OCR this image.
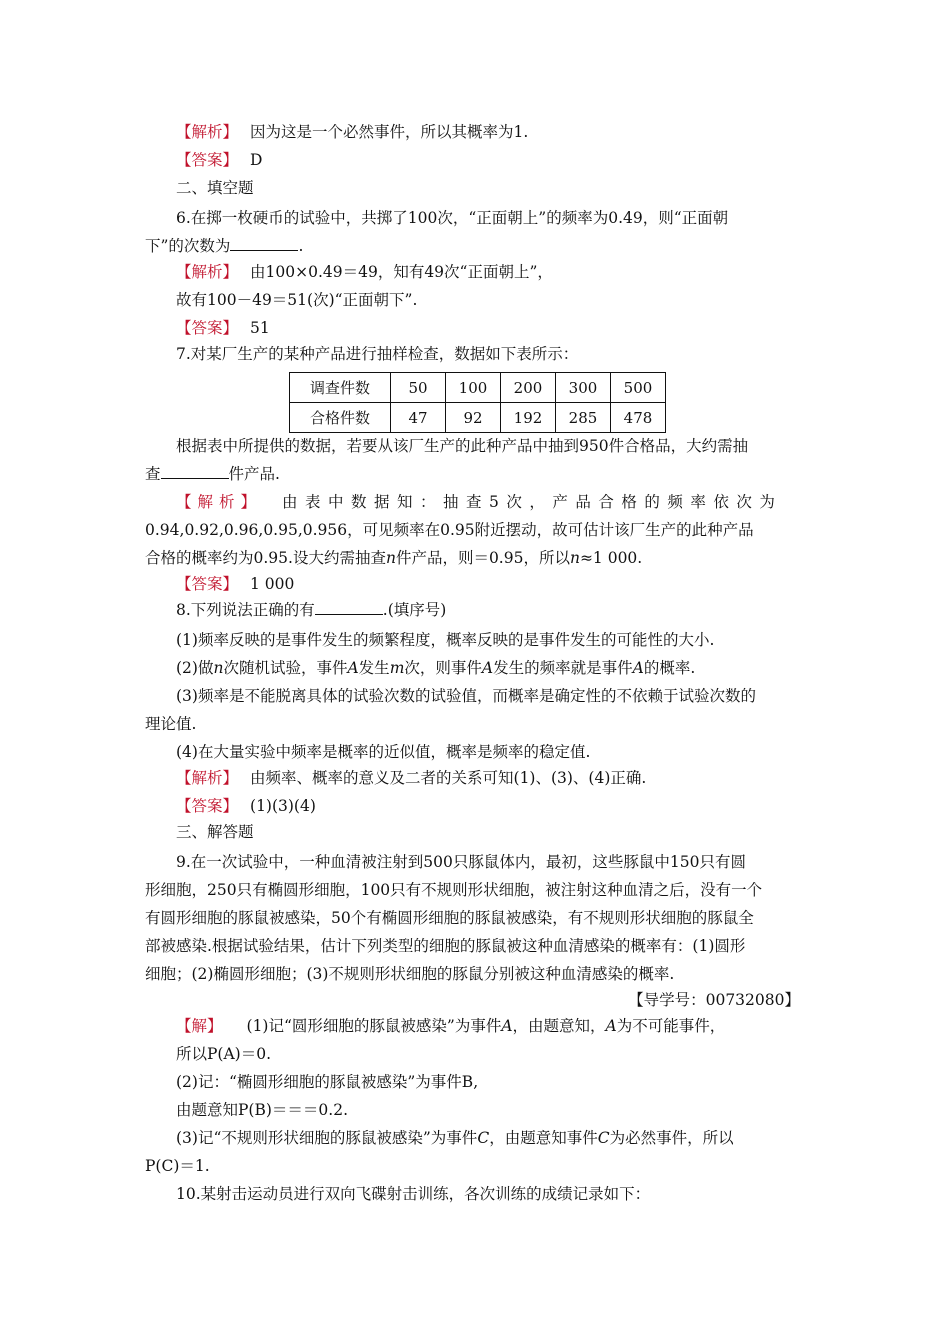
【解析】 因为这是一个必然事件，所以其概率为1.
【答案】 D
二、填空题
6.在掷一枚硬币的试验中，共掷了100次，“正面朝上”的频率为0.49，则“正面朝
下”的次数为	.
【解析】 由100×0.49＝49，知有49次“正面朝上”，
故有100－49＝51(次)“正面朝下”.
【答案】 51
7.对某厂生产的某种产品进行抽样检查，数据如下表所示：
调查件数	50	100	200	300	500
合格件数	47	92	192	285	478
根据表中所提供的数据，若要从该厂生产的此种产品中抽到950件合格品，大约需抽
查	件产品.
【解析】 由表中数据知：抽查5次，产品合格的频率依次为
0.94,0.92,0.96,0.95,0.956，可见频率在0.95附近摆动，故可估计该厂生产的此种产品
合格的概率约为0.95.设大约需抽查n件产品，则＝0.95，所以n≈1 000.
【答案】 1 000
8.下列说法正确的有	.(填序号)
(1)频率反映的是事件发生的频繁程度，概率反映的是事件发生的可能性的大小.
(2)做n次随机试验，事件A发生m次，则事件A发生的频率就是事件A的概率.
(3)频率是不能脱离具体的试验次数的试验值，而概率是确定性的不依赖于试验次数的
理论值.
(4)在大量实验中频率是概率的近似值，概率是频率的稳定值.
【解析】 由频率、概率的意义及二者的关系可知(1)、(3)、(4)正确.
【答案】 (1)(3)(4)
三、解答题
9.在一次试验中，一种血清被注射到500只豚鼠体内，最初，这些豚鼠中150只有圆
形细胞，250只有椭圆形细胞，100只有不规则形状细胞，被注射这种血清之后，没有一个
有圆形细胞的豚鼠被感染，50个有椭圆形细胞的豚鼠被感染，有不规则形状细胞的豚鼠全
部被感染.根据试验结果，估计下列类型的细胞的豚鼠被这种血清感染的概率有：(1)圆形
细胞；(2)椭圆形细胞；(3)不规则形状细胞的豚鼠分别被这种血清感染的概率.
【导学号：00732080】
【解】 (1)记“圆形细胞的豚鼠被感染”为事件A，由题意知，A为不可能事件，
所以P(A)＝0.
(2)记：“椭圆形细胞的豚鼠被感染”为事件B,
由题意知P(B)＝＝＝0.2.
(3)记“不规则形状细胞的豚鼠被感染”为事件C，由题意知事件C为必然事件，所以
P(C)＝1.
10.某射击运动员进行双向飞碟射击训练，各次训练的成绩记录如下：
